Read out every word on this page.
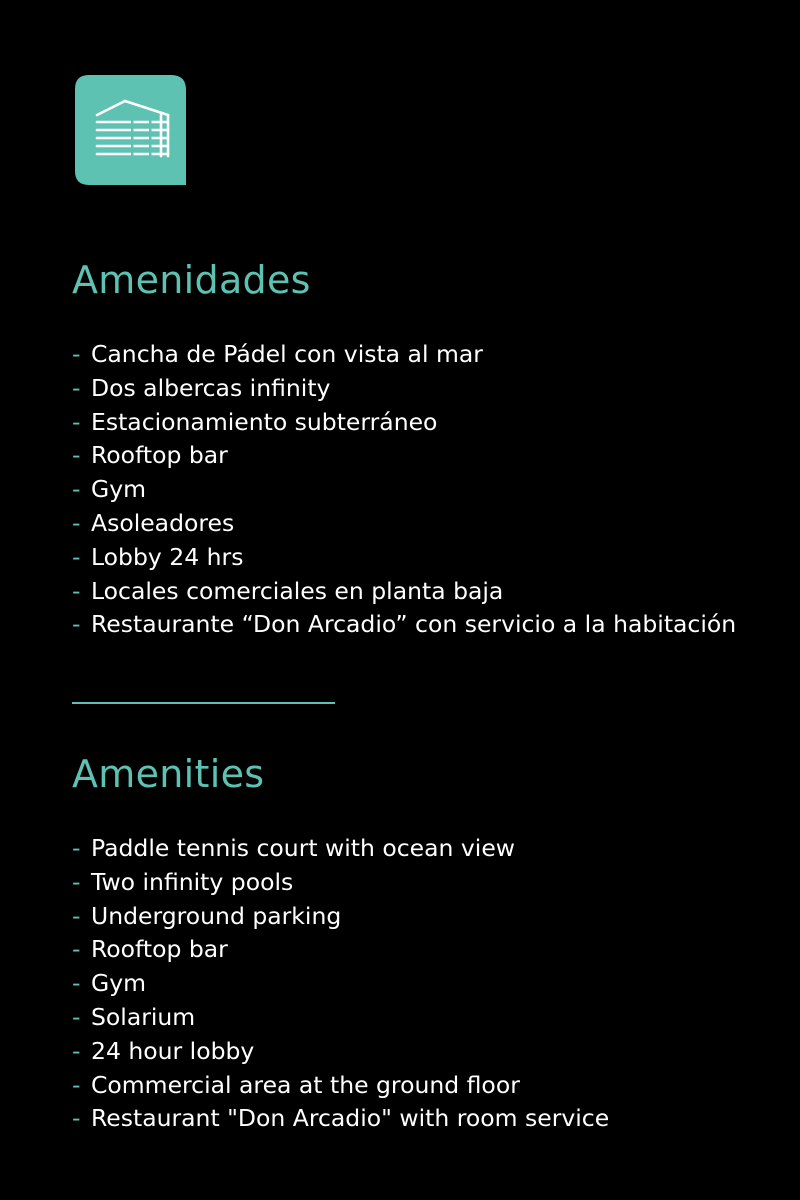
Amenidades
- Cancha de Pádel con vista al mar
- Dos albercas infinity
- Estacionamiento subterráneo
- Rooftop bar
- Gym
- Asoleadores
- Lobby 24 hrs
- Locales comerciales en planta baja
- Restaurante “Don Arcadio” con servicio a la habitación
Amenities
- Paddle tennis court with ocean view
- Two infinity pools
- Underground parking
- Rooftop bar
- Gym
- Solarium
- 24 hour lobby
- Commercial area at the ground floor
- Restaurant "Don Arcadio" with room service
